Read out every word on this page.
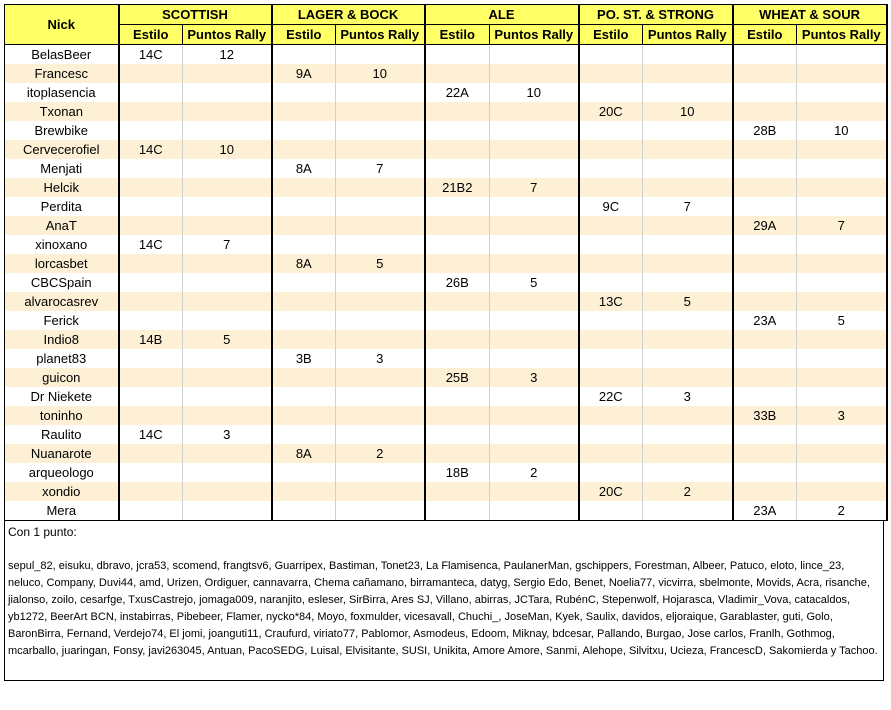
Nick	SCOTTISH		LAGER & BOCK		ALE		PO. ST. & STRONG		WHEAT & SOUR	
	Estilo	Puntos Rally	Estilo	Puntos Rally	Estilo	Puntos Rally	Estilo	Puntos Rally	Estilo	Puntos Rally
BelasBeer	14C	12								
Francesc			9A	10						
itoplasencia					22A	10				
Txonan							20C	10		
Brewbike									28B	10
Cervecerofiel	14C	10								
Menjati			8A	7						
Helcik					21B2	7				
Perdita							9C	7		
AnaT									29A	7
xinoxano	14C	7								
lorcasbet			8A	5						
CBCSpain					26B	5				
alvarocasrev							13C	5		
Ferick									23A	5
Indio8	14B	5								
planet83			3B	3						
guicon					25B	3				
Dr Niekete							22C	3		
toninho									33B	3
Raulito	14C	3								
Nuanarote			8A	2						
arqueologo					18B	2				
xondio							20C	2		
Mera									23A	2
Con 1 punto:
sepul_82, eisuku, dbravo, jcra53, scomend, frangtsv6, Guarripex, Bastiman, Tonet23, La Flamisenca, PaulanerMan, gschippers, Forestman, Albeer, Patuco, eloto, lince_23, neluco, Company, Duvi44, amd, Urizen, Ordiguer, cannavarra, Chema cañamano, birramanteca, datyg, Sergio Edo, Benet, Noelia77, vicvirra, sbelmonte, Movids, Acra, risanche, jialonso, zoilo, cesarfge, TxusCastrejo, jomaga009, naranjito, esleser, SirBirra, Ares SJ, Villano, abirras, JCTara, RubénC, Stepenwolf, Hojarasca, Vladimir_Vova, catacaldos, yb1272, BeerArt BCN, instabirras, Pibebeer, Flamer, nycko*84, Moyo, foxmulder, vicesavall, Chuchi_, JoseMan, Kyek, Saulix, davidos, eljoraique, Garablaster, guti, Golo, BaronBirra, Fernand, Verdejo74, El jomi, joanguti11, Craufurd, viriato77, Pablomor, Asmodeus, Edoom, Miknay, bdcesar, Pallando, Burgao, Jose carlos, Franlh, Gothmog, mcarballo, juaringan, Fonsy, javi263045, Antuan, PacoSEDG, Luisal, Elvisitante, SUSI, Unikita, Amore Amore, Sanmi, Alehope, Silvitxu, Ucieza, FrancescD, Sakomierda y Tachoo.
